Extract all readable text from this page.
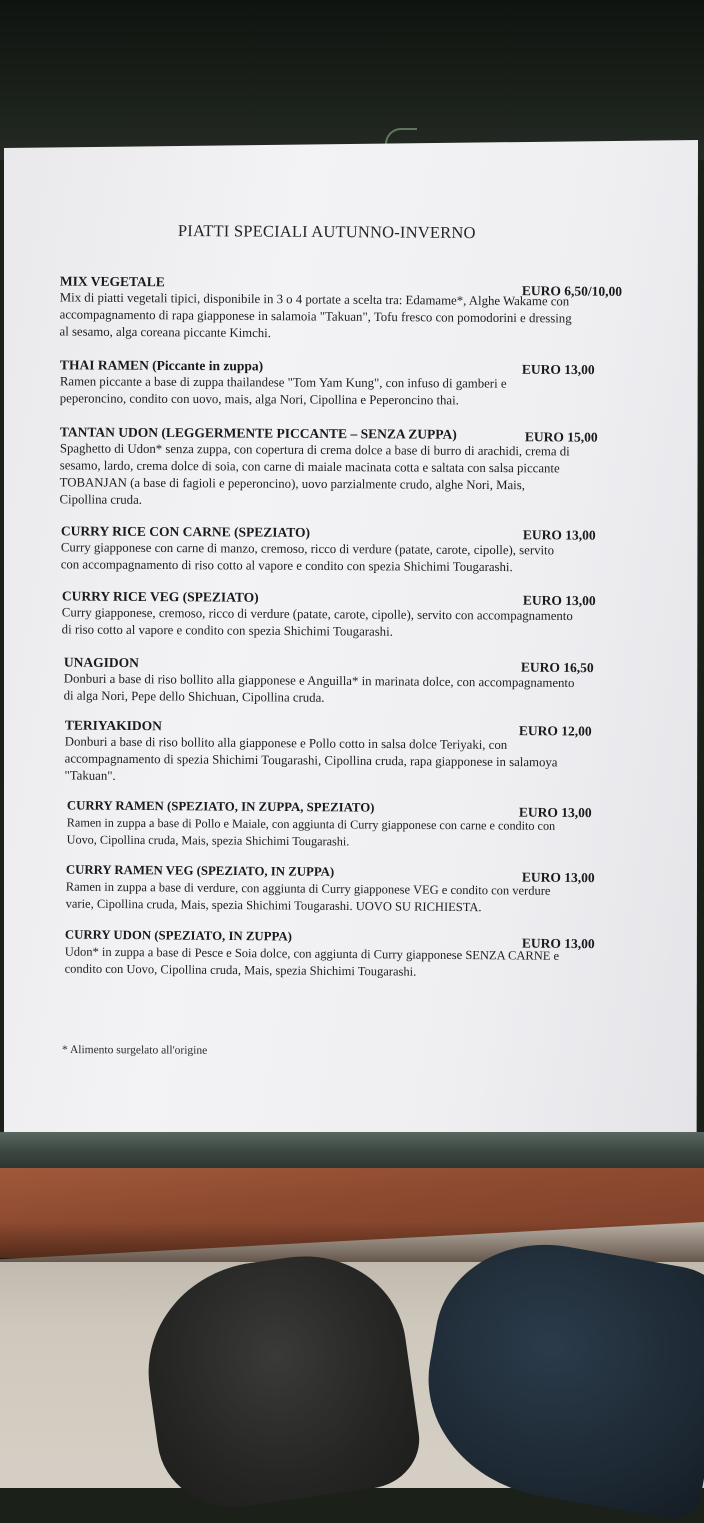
PIATTI SPECIALI AUTUNNO-INVERNO
MIX VEGETALE
EURO 6,50/10,00
Mix di piatti vegetali tipici, disponibile in 3 o 4 portate a scelta tra: Edamame*, Alghe Wakame con
accompagnamento di rapa giapponese in salamoia "Takuan", Tofu fresco con pomodorini e dressing
al sesamo, alga coreana piccante Kimchi.
THAI RAMEN (Piccante in zuppa)	EURO 13,00
Ramen piccante a base di zuppa thailandese "Tom Yam Kung", con infuso di gamberi e
peperoncino, condito con uovo, mais, alga Nori, Cipollina e Peperoncino thai.
TANTAN UDON (LEGGERMENTE PICCANTE – SENZA ZUPPA)	EURO 15,00
Spaghetto di Udon* senza zuppa, con copertura di crema dolce a base di burro di arachidi, crema di
sesamo, lardo, crema dolce di soia, con carne di maiale macinata cotta e saltata con salsa piccante
TOBANJAN (a base di fagioli e peperoncino), uovo parzialmente crudo, alghe Nori, Mais,
Cipollina cruda.
CURRY RICE CON CARNE (SPEZIATO)	EURO 13,00
Curry giapponese con carne di manzo, cremoso, ricco di verdure (patate, carote, cipolle), servito
con accompagnamento di riso cotto al vapore e condito con spezia Shichimi Tougarashi.
CURRY RICE VEG (SPEZIATO)	EURO 13,00
Curry giapponese, cremoso, ricco di verdure (patate, carote, cipolle), servito con accompagnamento
di riso cotto al vapore e condito con spezia Shichimi Tougarashi.
UNAGIDON	EURO 16,50
Donburi a base di riso bollito alla giapponese e Anguilla* in marinata dolce, con accompagnamento
di alga Nori, Pepe dello Shichuan, Cipollina cruda.
TERIYAKIDON	EURO 12,00
Donburi a base di riso bollito alla giapponese e Pollo cotto in salsa dolce Teriyaki, con
accompagnamento di spezia Shichimi Tougarashi, Cipollina cruda, rapa giapponese in salamoya
"Takuan".
CURRY RAMEN (SPEZIATO, IN ZUPPA, SPEZIATO)	EURO 13,00
Ramen in zuppa a base di Pollo e Maiale, con aggiunta di Curry giapponese con carne e condito con
Uovo, Cipollina cruda, Mais, spezia Shichimi Tougarashi.
CURRY RAMEN VEG (SPEZIATO, IN ZUPPA)	EURO 13,00
Ramen in zuppa a base di verdure, con aggiunta di Curry giapponese VEG e condito con verdure
varie, Cipollina cruda, Mais, spezia Shichimi Tougarashi. UOVO SU RICHIESTA.
CURRY UDON (SPEZIATO, IN ZUPPA)	EURO 13,00
Udon* in zuppa a base di Pesce e Soia dolce, con aggiunta di Curry giapponese SENZA CARNE e
condito con Uovo, Cipollina cruda, Mais, spezia Shichimi Tougarashi.
* Alimento surgelato all'origine
